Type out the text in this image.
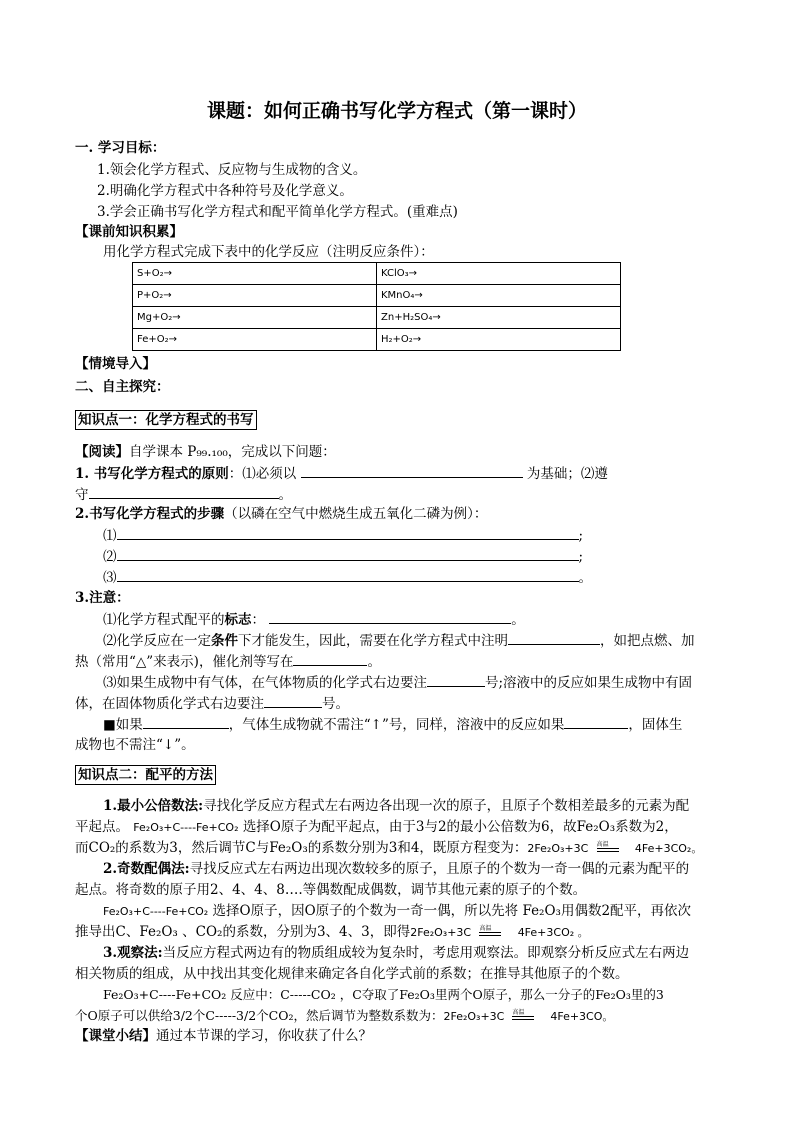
课题：如何正确书写化学方程式（第一课时）
一. 学习目标：
1.领会化学方程式、反应物与生成物的含义。
2.明确化学方程式中各种符号及化学意义。
3.学会正确书写化学方程式和配平简单化学方程式。(重难点)
【课前知识积累】
用化学方程式完成下表中的化学反应（注明反应条件）：
S+O₂→	KClO₃→
P+O₂→	KMnO₄→
Mg+O₂→	Zn+H₂SO₄→
Fe+O₂→	H₂+O₂→
【情境导入】
二、自主探究：
知识点一：化学方程式的书写
【阅读】自学课本 P₉₉.₁₀₀，完成以下问题：
1. 书写化学方程式的原则：⑴必须以	为基础；⑵遵
守	。
2.书写化学方程式的步骤（以磷在空气中燃烧生成五氧化二磷为例）：
⑴	;
⑵	;
⑶	。
3.注意：
⑴化学方程式配平的标志：	。
⑵化学反应在一定条件下才能发生，因此，需要在化学方程式中注明	，如把点燃、加
热（常用“△”来表示)，催化剂等写在	。
⑶如果生成物中有气体，在气体物质的化学式右边要注	号;溶液中的反应如果生成物中有固
体，在固体物质化学式右边要注	号。
■如果	，气体生成物就不需注“↑”号，同样，溶液中的反应如果	，固体生
成物也不需注“↓”。
知识点二：配平的方法
1.最小公倍数法:寻找化学反应方程式左右两边各出现一次的原子，且原子个数相差最多的元素为配
平起点。 Fe₂O₃+C----Fe+CO₂ 选择O原子为配平起点，由于3与2的最小公倍数为6，故Fe₂O₃系数为2，
而CO₂的系数为3，然后调节C与Fe₂O₃的系数分别为3和4，既原方程变为：2Fe₂O₃+3C 高温 4Fe+3CO₂。
2.奇数配偶法:寻找反应式左右两边出现次数较多的原子，且原子的个数为一奇一偶的元素为配平的
起点。将奇数的原子用2、4、4、8….等偶数配成偶数，调节其他元素的原子的个数。
Fe₂O₃+C----Fe+CO₂ 选择O原子，因O原子的个数为一奇一偶，所以先将 Fe₂O₃用偶数2配平，再依次
推导出C、Fe₂O₃ 、CO₂的系数，分别为3、4、3，即得2Fe₂O₃+3C 高温 4Fe+3CO₂ 。
3.观察法:当反应方程式两边有的物质组成较为复杂时，考虑用观察法。即观察分析反应式左右两边
相关物质的组成，从中找出其变化规律来确定各自化学式前的系数；在推导其他原子的个数。
Fe₂O₃+C----Fe+CO₂ 反应中：C-----CO₂ ，C夺取了Fe₂O₃里两个O原子，那么一分子的Fe₂O₃里的3
个O原子可以供给3/2个C-----3/2个CO₂，然后调节为整数系数为：2Fe₂O₃+3C 高温 4Fe+3CO。
【课堂小结】通过本节课的学习，你收获了什么？
